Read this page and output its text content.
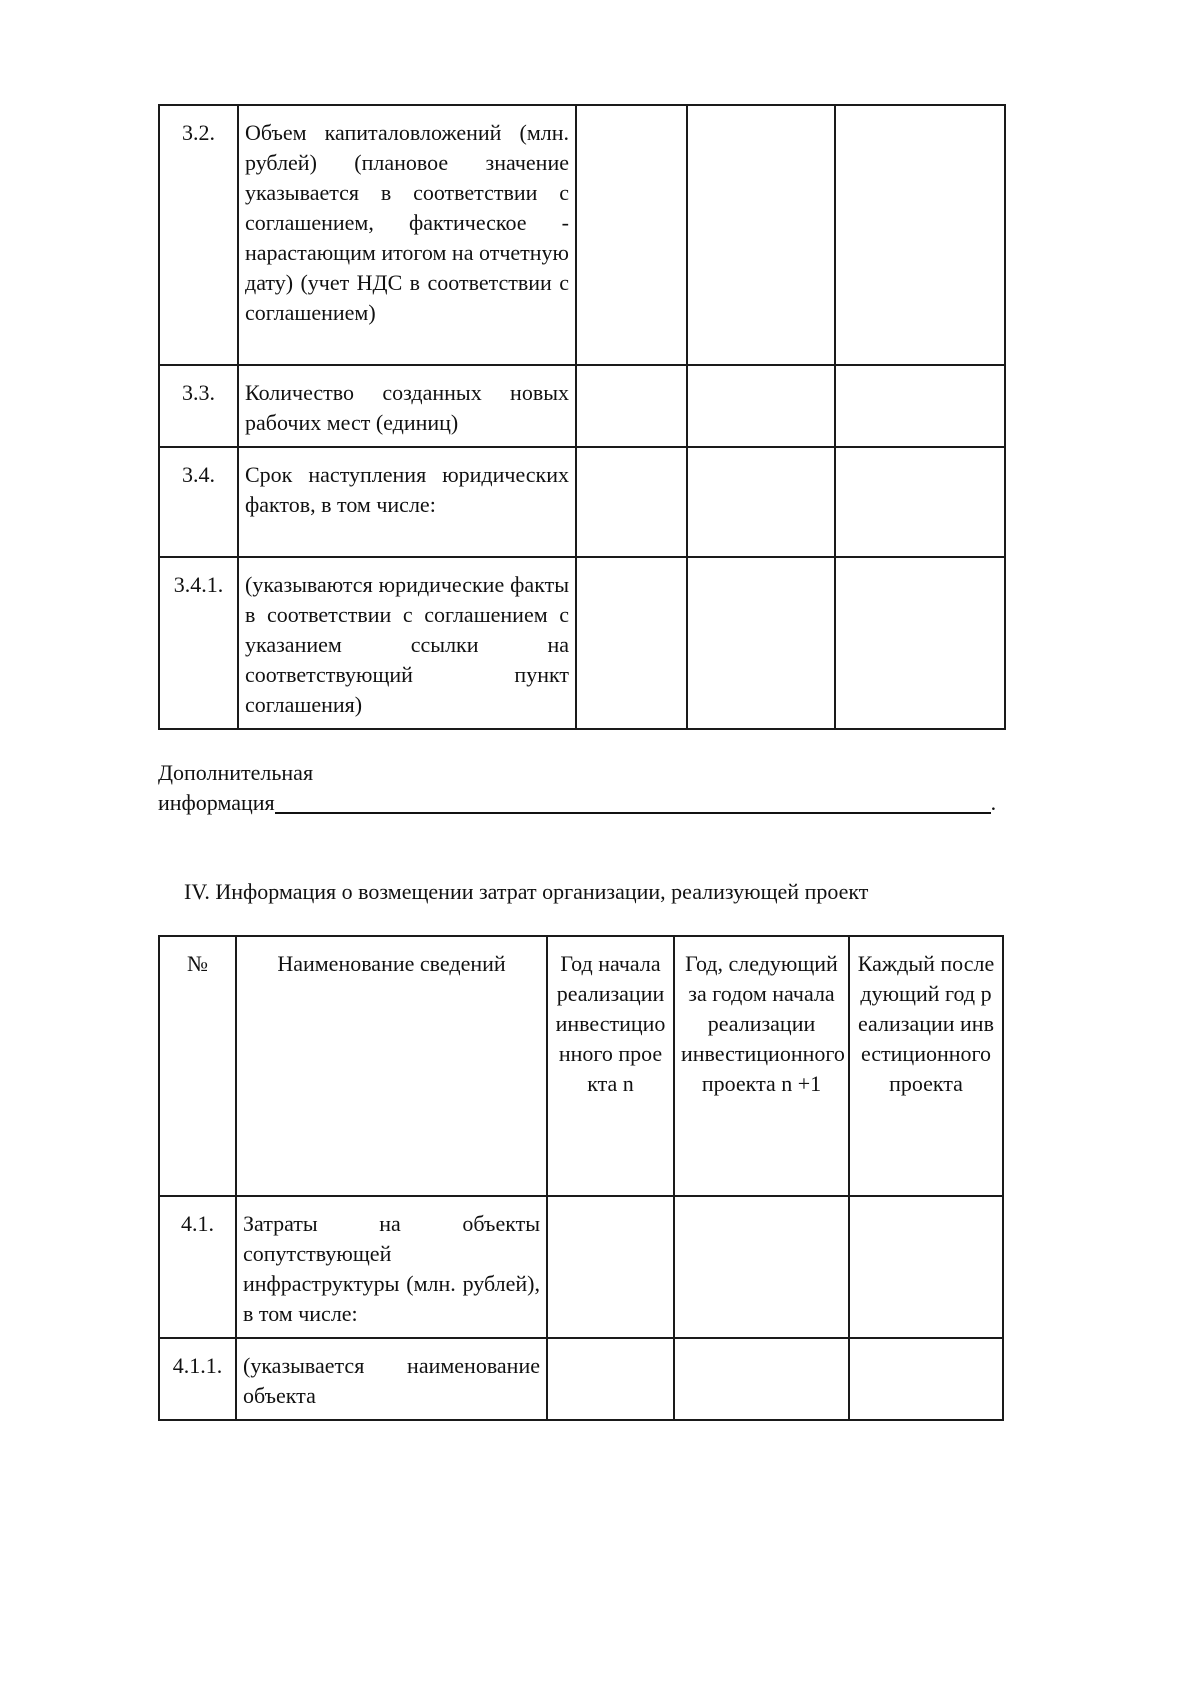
3.2.	Объем капиталовложений (млн. рублей) (плановое значение указывается в соответствии с соглашением, фактическое - нарастающим итогом на отчетную дату) (учет НДС в соответствии с соглашением)			
3.3.	Количество созданных новых рабочих мест (единиц)			
3.4.	Срок наступления юридических фактов, в том числе:			
3.4.1.	(указываются юридические факты в соответствии с соглашением с указанием ссылки на соответствующий пункт соглашения)			
Дополнительная
информация	.
IV. Информация о возмещении затрат организации, реализующей проект
№	Наименование сведений	Год начала реализации инвестиционного проекта n	Год, следующий за годом начала реализации инвестиционного проекта n +1	Каждый последующий год реализации инвестиционного проекта
4.1.	Затраты на объекты сопутствующей инфраструктуры (млн. рублей), в том числе:			
4.1.1.	(указывается наименование объекта			
